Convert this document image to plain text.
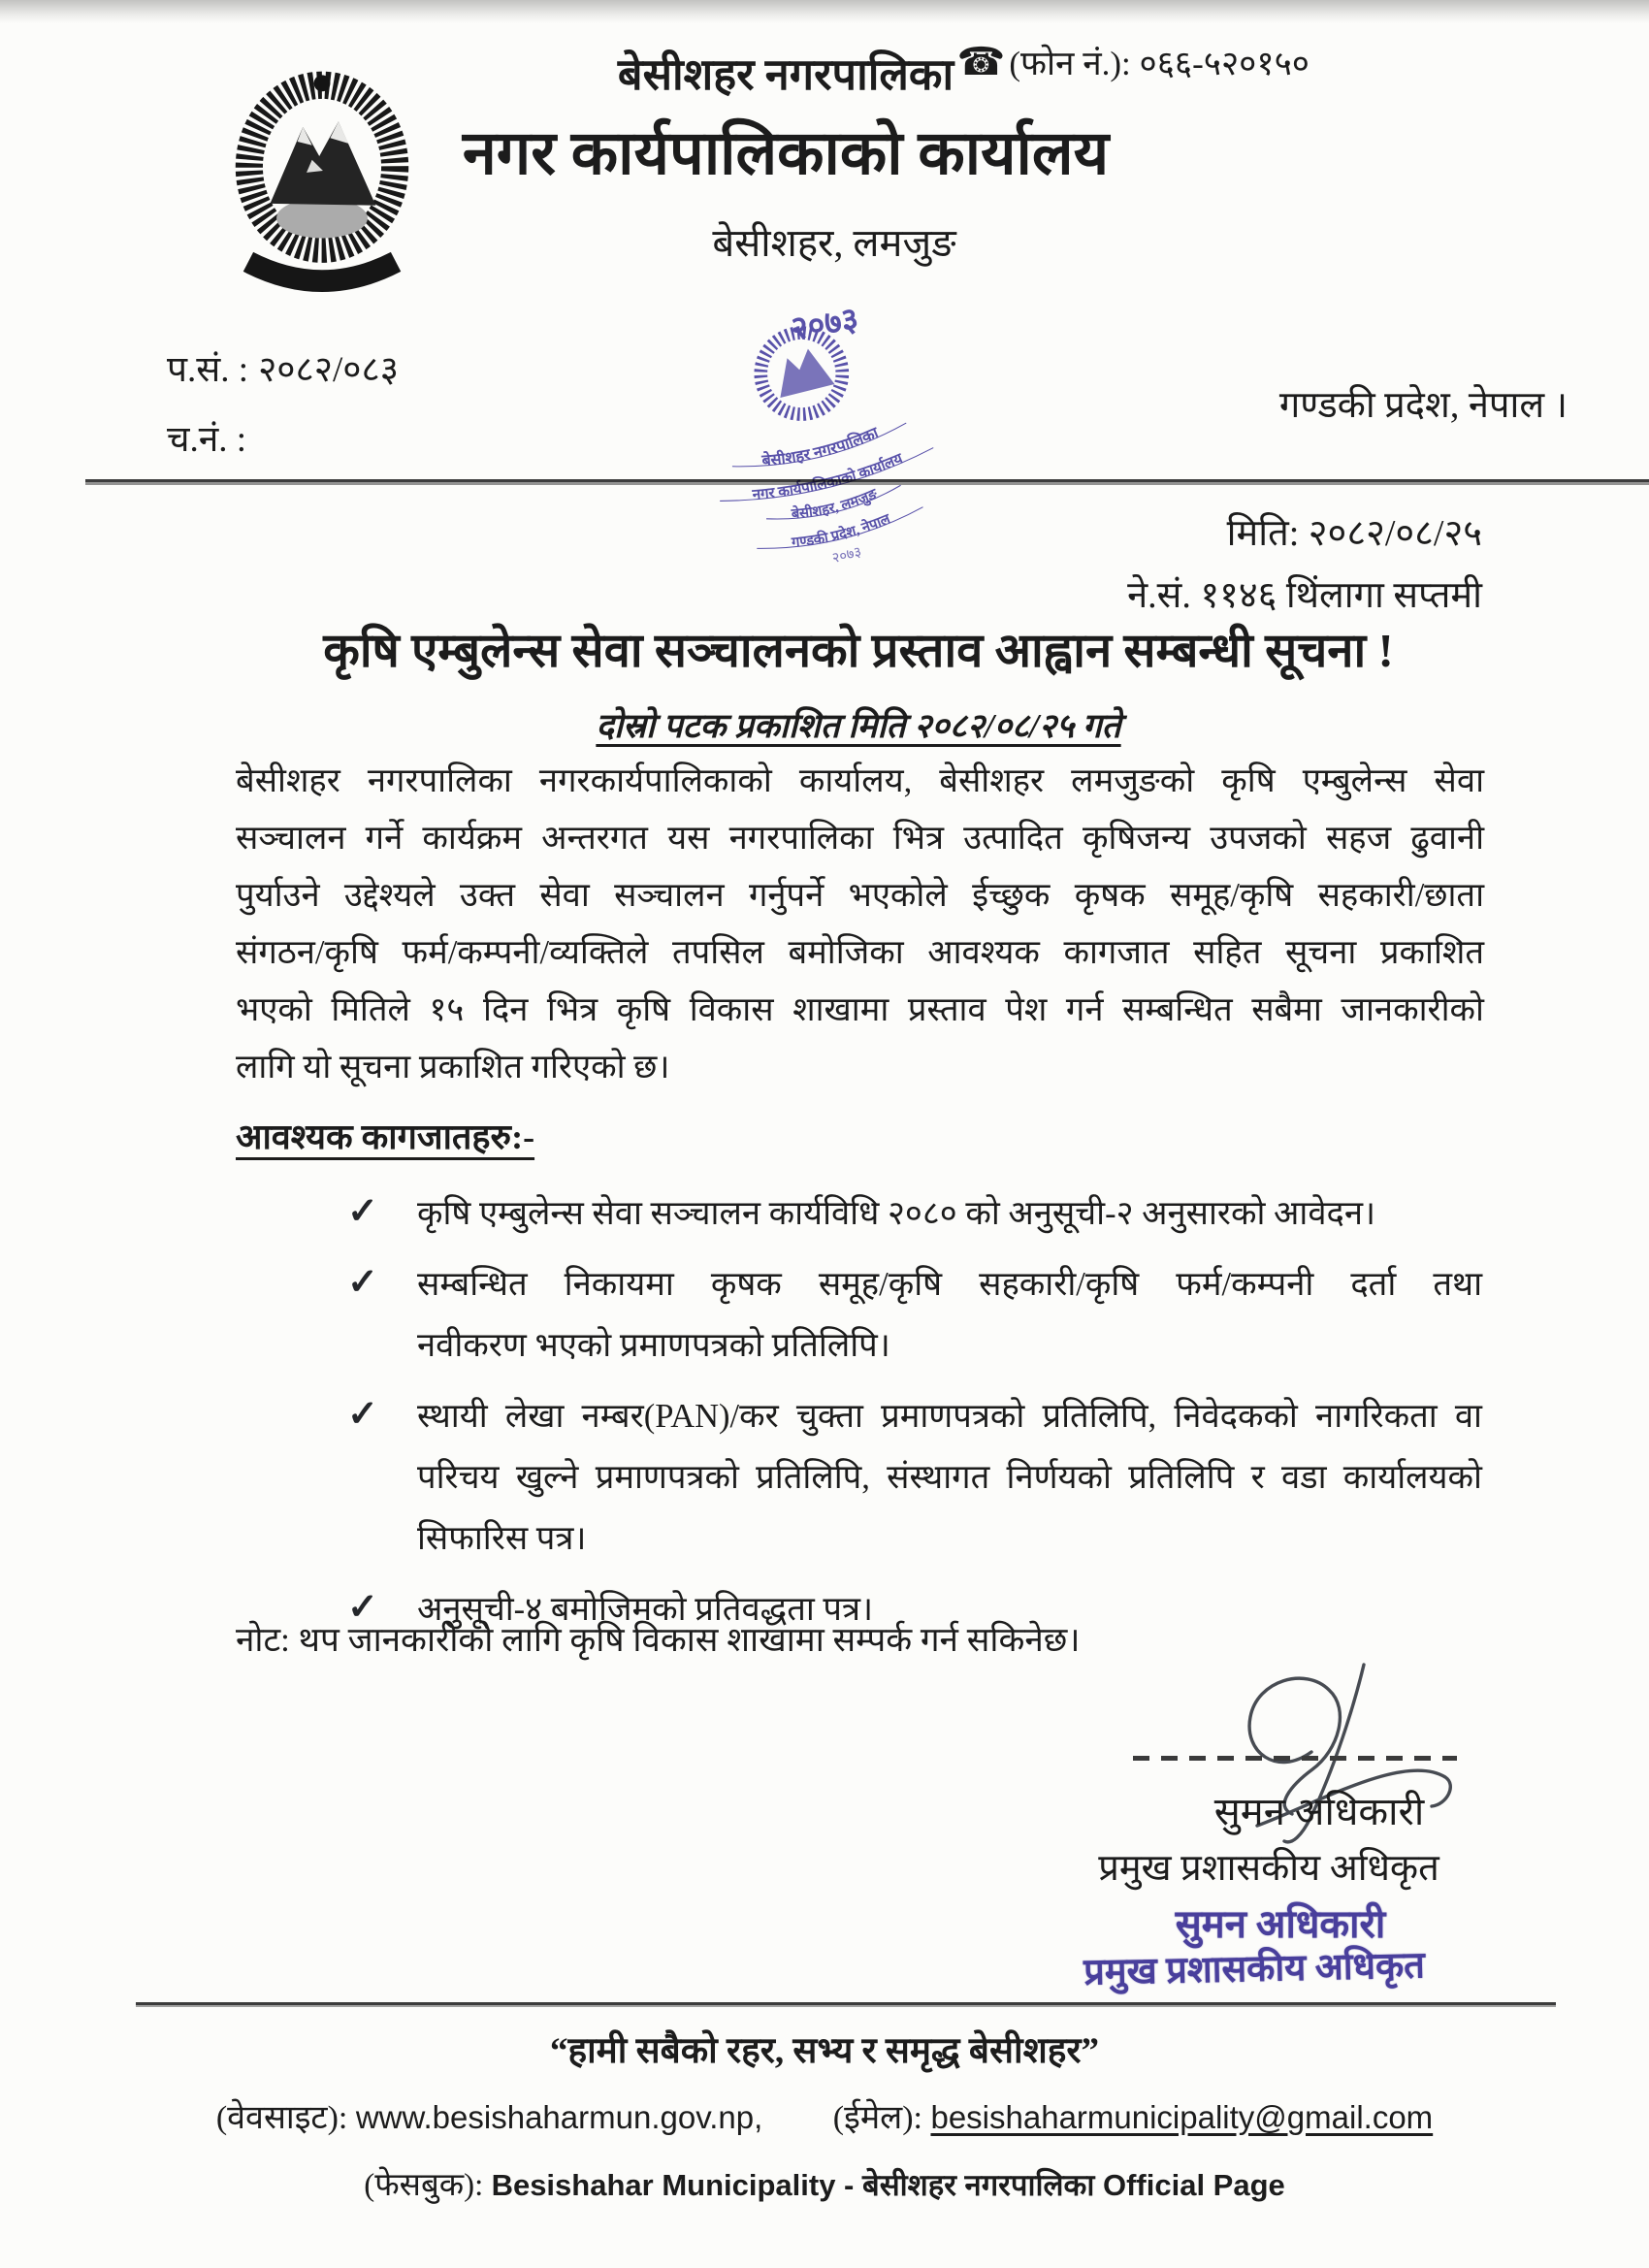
☎ (फोन नं.): ०६६-५२०१५०
बेसीशहर नगरपालिका
नगर कार्यपालिकाको कार्यालय
बेसीशहर, लमजुङ
प.सं. : २०८२/०८३
च.नं. :
गण्डकी प्रदेश, नेपाल ।
२०७३
बेसीशहर नगरपालिका
नगर कार्यपालिकाको कार्यालय
बेसीशहर, लमजुङ
गण्डकी प्रदेश, नेपाल
२०७३
मिति: २०८२/०८/२५
ने.सं. ११४६ थिंलागा सप्तमी
कृषि एम्बुलेन्स सेवा सञ्चालनको प्रस्ताव आह्वान सम्बन्धी सूचना !
दोस्रो पटक प्रकाशित मिति २०८२/०८/२५ गते
बेसीशहर नगरपालिका नगरकार्यपालिकाको कार्यालय, बेसीशहर लमजुङको कृषि एम्बुलेन्स सेवा
सञ्चालन गर्ने कार्यक्रम अन्तरगत यस नगरपालिका भित्र उत्पादित कृषिजन्य उपजको सहज ढुवानी
पुर्याउने उद्देश्यले उक्त सेवा सञ्चालन गर्नुपर्ने भएकोले ईच्छुक कृषक समूह/कृषि सहकारी/छाता
संगठन/कृषि फर्म/कम्पनी/व्यक्तिले तपसिल बमोजिका आवश्यक कागजात सहित सूचना प्रकाशित
भएको मितिले १५ दिन भित्र कृषि विकास शाखामा प्रस्ताव पेश गर्न सम्बन्धित सबैमा जानकारीको
लागि यो सूचना प्रकाशित गरिएको छ।
आवश्यक कागजातहरु:-
✓ कृषि एम्बुलेन्स सेवा सञ्चालन कार्यविधि २०८० को अनुसूची-२ अनुसारको आवेदन।
✓ सम्बन्धित निकायमा कृषक समूह/कृषि सहकारी/कृषि फर्म/कम्पनी दर्ता तथा
नवीकरण भएको प्रमाणपत्रको प्रतिलिपि।
✓ स्थायी लेखा नम्बर(PAN)/कर चुक्ता प्रमाणपत्रको प्रतिलिपि, निवेदकको नागरिकता वा
परिचय खुल्ने प्रमाणपत्रको प्रतिलिपि, संस्थागत निर्णयको प्रतिलिपि र वडा कार्यालयको
सिफारिस पत्र।
✓ अनुसूची-४ बमोजिमको प्रतिवद्धता पत्र।
नोट: थप जानकारीको लागि कृषि विकास शाखामा सम्पर्क गर्न सकिनेछ।
सुमन अधिकारी
प्रमुख प्रशासकीय अधिकृत
सुमन अधिकारी
प्रमुख प्रशासकीय अधिकृत
“हामी सबैको रहर, सभ्य र समृद्ध बेसीशहर”
(वेवसाइट): www.besishaharmun.gov.np, (ईमेल): besishaharmunicipality@gmail.com
(फेसबुक): Besishahar Municipality - बेसीशहर नगरपालिका Official Page
